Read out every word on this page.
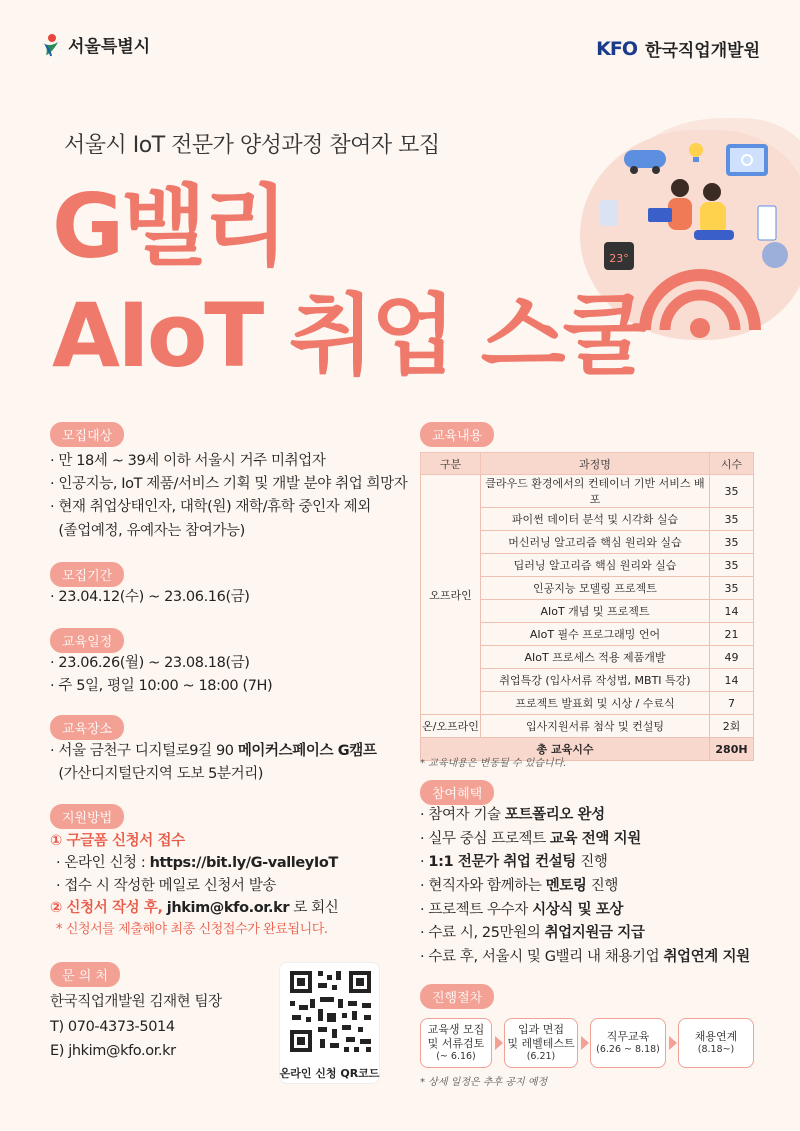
서울특별시	KFO 한국직업개발원
23°
서울시 IoT 전문가 양성과정 참여자 모집
G밸리
AIoT 취업 스쿨
모집대상
· 만 18세 ~ 39세 이하 서울시 거주 미취업자
· 인공지능, IoT 제품/서비스 기획 및 개발 분야 취업 희망자
· 현재 취업상태인자, 대학(원) 재학/휴학 중인자 제외
(졸업예정, 유예자는 참여가능)
모집기간
· 23.04.12(수) ~ 23.06.16(금)
교육일정
· 23.06.26(월) ~ 23.08.18(금)
· 주 5일, 평일 10:00 ~ 18:00 (7H)
교육장소
· 서울 금천구 디지털로9길 90 메이커스페이스 G캠프
(가산디지털단지역 도보 5분거리)
지원방법
① 구글폼 신청서 접수
· 온라인 신청 : https://bit.ly/G-valleyIoT
· 접수 시 작성한 메일로 신청서 발송
② 신청서 작성 후, jhkim@kfo.or.kr 로 회신
* 신청서를 제출해야 최종 신청접수가 완료됩니다.
문 의 처
한국직업개발원 김재현 팀장
T) 070-4373-5014
E) jhkim@kfo.or.kr
온라인 신청 QR코드
교육내용
구분	과정명	시수
오프라인	클라우드 환경에서의 컨테이너 기반 서비스 배포	35
	파이썬 데이터 분석 및 시각화 실습	35
	머신러닝 알고리즘 핵심 원리와 실습	35
	딥러닝 알고리즘 핵심 원리와 실습	35
	인공지능 모델링 프로젝트	35
	AIoT 개념 및 프로젝트	14
	AIoT 필수 프로그래밍 언어	21
	AIoT 프로세스 적용 제품개발	49
	취업특강 (입사서류 작성법, MBTI 특강)	14
	프로젝트 발표회 및 시상 / 수료식	7
온/오프라인	입사지원서류 첨삭 및 컨설팅	2회
총 교육시수		280H
* 교육내용은 변동될 수 있습니다.
참여혜택
· 참여자 기술 포트폴리오 완성
· 실무 중심 프로젝트 교육 전액 지원
· 1:1 전문가 취업 컨설팅 진행
· 현직자와 함께하는 멘토링 진행
· 프로젝트 우수자 시상식 및 포상
· 수료 시, 25만원의 취업지원금 지급
· 수료 후, 서울시 및 G밸리 내 채용기업 취업연계 지원
진행절차
교육생 모집
및 서류검토
(~ 6.16)
입과 면접
및 레벨테스트
(6.21)
직무교육
(6.26 ~ 8.18)
채용연계
(8.18~)
* 상세 일정은 추후 공지 예정
